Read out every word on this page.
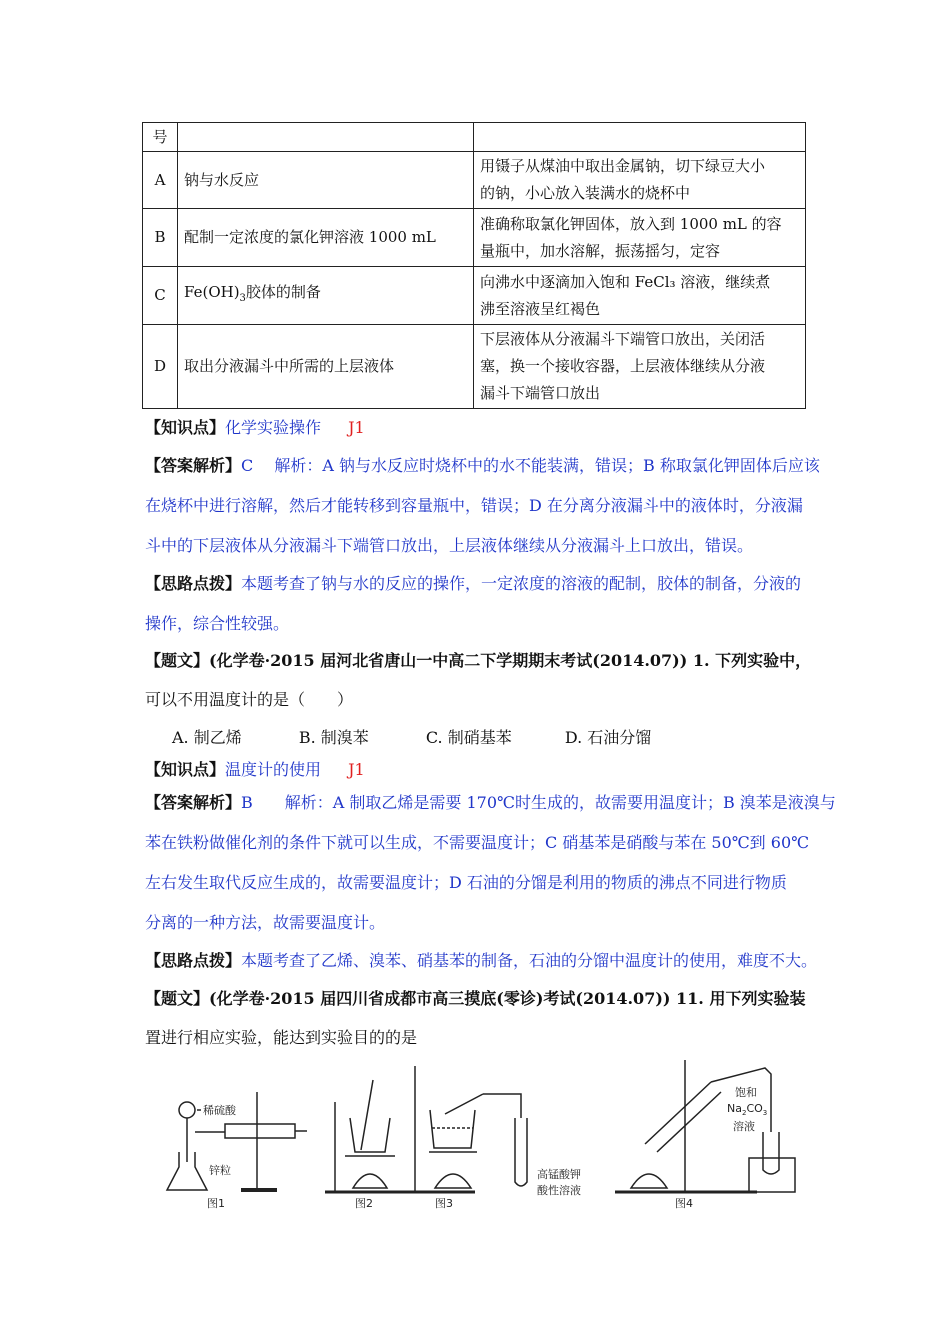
号		
A	钠与水反应	用镊子从煤油中取出金属钠，切下绿豆大小
的钠，小心放入装满水的烧杯中

B	配制一定浓度的氯化钾溶液 1000 mL	准确称取氯化钾固体，放入到 1000 mL 的容
量瓶中，加水溶解，振荡摇匀，定容

C	$Fe(OH)_3$胶体的制备	向沸水中逐滴加入饱和 FeCl₃ 溶液，继续煮
沸至溶液呈红褐色

D	取出分液漏斗中所需的上层液体	下层液体从分液漏斗下端管口放出，关闭活
塞，换一个接收容器，上层液体继续从分液
漏斗下端管口放出
【知识点】化学实验操作 J1
【答案解析】C　 解析：A 钠与水反应时烧杯中的水不能装满，错误；B 称取氯化钾固体后应该
在烧杯中进行溶解，然后才能转移到容量瓶中，错误；D 在分离分液漏斗中的液体时，分液漏
斗中的下层液体从分液漏斗下端管口放出，上层液体继续从分液漏斗上口放出，错误。
【思路点拨】本题考查了钠与水的反应的操作，一定浓度的溶液的配制，胶体的制备，分液的
操作，综合性较强。
【题文】(化学卷·2015 届河北省唐山一中高二下学期期末考试(2014.07)) 1. 下列实验中，
可以不用温度计的是（　　）
A. 制乙烯	B. 制溴苯	C. 制硝基苯	D. 石油分馏
【知识点】温度计的使用 J1
【答案解析】B　　解析：A 制取乙烯是需要 170℃时生成的，故需要用温度计；B 溴苯是液溴与
苯在铁粉做催化剂的条件下就可以生成，不需要温度计；C 硝基苯是硝酸与苯在 50℃到 60℃
左右发生取代反应生成的，故需要温度计；D 石油的分馏是利用的物质的沸点不同进行物质
分离的一种方法，故需要温度计。
【思路点拨】本题考查了乙烯、溴苯、硝基苯的制备，石油的分馏中温度计的使用，难度不大。
【题文】(化学卷·2015 届四川省成都市高三摸底(零诊)考试(2014.07)) 11. 用下列实验装
置进行相应实验，能达到实验目的的是
稀硫酸
锌粒
图1	图2	图3
高锰酸钾
酸性溶液
饱和
$Na_2CO_3$
溶液
图4
